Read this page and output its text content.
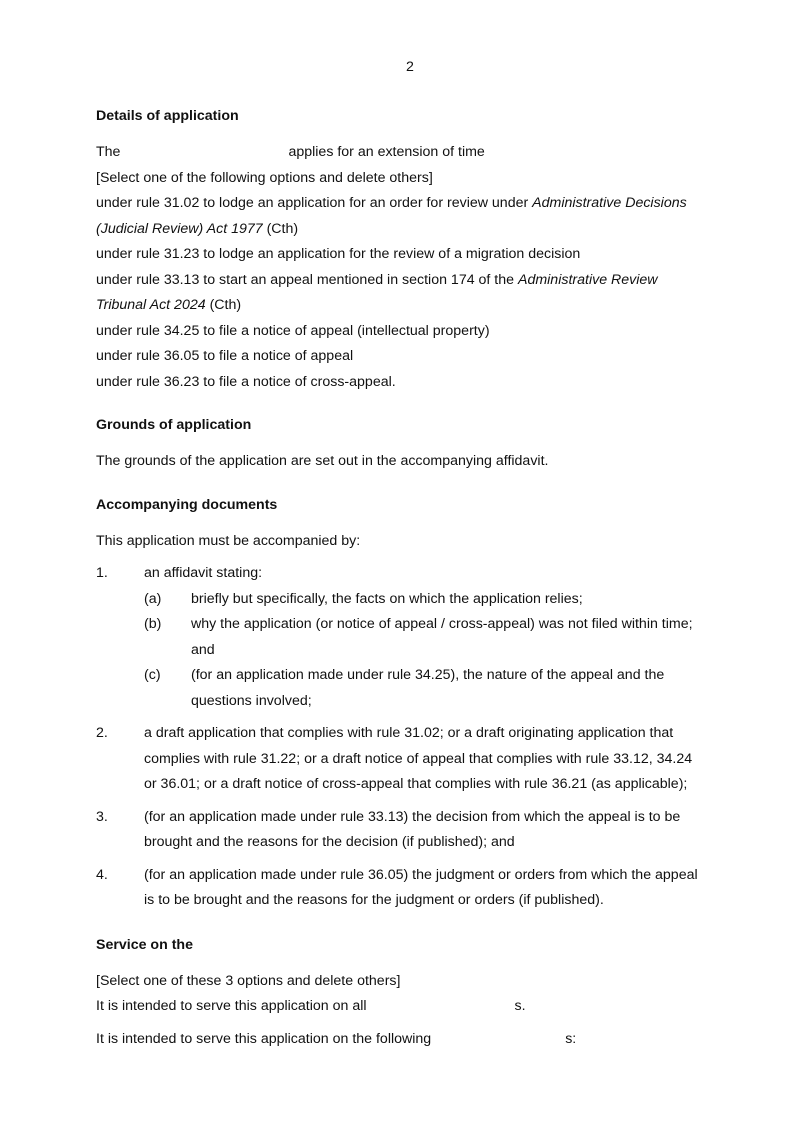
2
Details of application
The	applies for an extension of time
[Select one of the following options and delete others]
under rule 31.02 to lodge an application for an order for review under Administrative Decisions
(Judicial Review) Act 1977 (Cth)
under rule 31.23 to lodge an application for the review of a migration decision
under rule 33.13 to start an appeal mentioned in section 174 of the Administrative Review
Tribunal Act 2024 (Cth)
under rule 34.25 to file a notice of appeal (intellectual property)
under rule 36.05 to file a notice of appeal
under rule 36.23 to file a notice of cross-appeal.
Grounds of application
The grounds of the application are set out in the accompanying affidavit.
Accompanying documents
This application must be accompanied by:
1.	an affidavit stating:
(a) briefly but specifically, the facts on which the application relies;
(b) why the application (or notice of appeal / cross-appeal) was not filed within time;
and
(c) (for an application made under rule 34.25), the nature of the appeal and the
questions involved;
2.	a draft application that complies with rule 31.02; or a draft originating application that
complies with rule 31.22; or a draft notice of appeal that complies with rule 33.12, 34.24
or 36.01; or a draft notice of cross-appeal that complies with rule 36.21 (as applicable);
3.	(for an application made under rule 33.13) the decision from which the appeal is to be
brought and the reasons for the decision (if published); and
4.	(for an application made under rule 36.05) the judgment or orders from which the appeal
is to be brought and the reasons for the judgment or orders (if published).
Service on the
[Select one of these 3 options and delete others]
It is intended to serve this application on all	s.
It is intended to serve this application on the following	s:
